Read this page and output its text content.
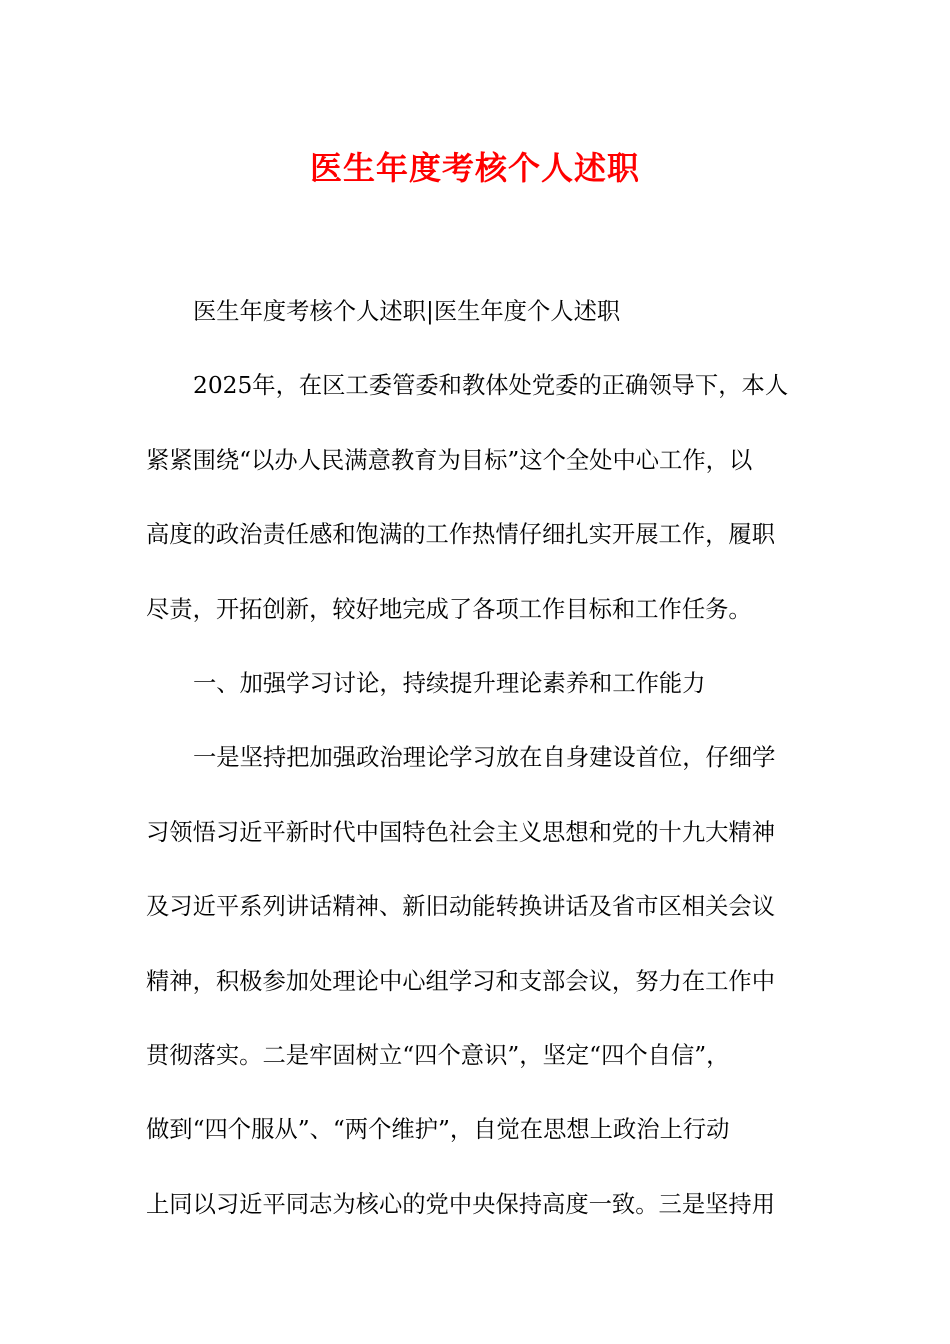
医生年度考核个人述职
医生年度考核个人述职|医生年度个人述职
2025年，在区工委管委和教体处党委的正确领导下，本人
紧紧围绕“以办人民满意教育为目标”这个全处中心工作，以
高度的政治责任感和饱满的工作热情仔细扎实开展工作，履职
尽责，开拓创新，较好地完成了各项工作目标和工作任务。
一、加强学习讨论，持续提升理论素养和工作能力
一是坚持把加强政治理论学习放在自身建设首位，仔细学
习领悟习近平新时代中国特色社会主义思想和党的十九大精神
及习近平系列讲话精神、新旧动能转换讲话及省市区相关会议
精神，积极参加处理论中心组学习和支部会议，努力在工作中
贯彻落实。二是牢固树立“四个意识”，坚定“四个自信”，
做到“四个服从”、“两个维护”，自觉在思想上政治上行动
上同以习近平同志为核心的党中央保持高度一致。三是坚持用
